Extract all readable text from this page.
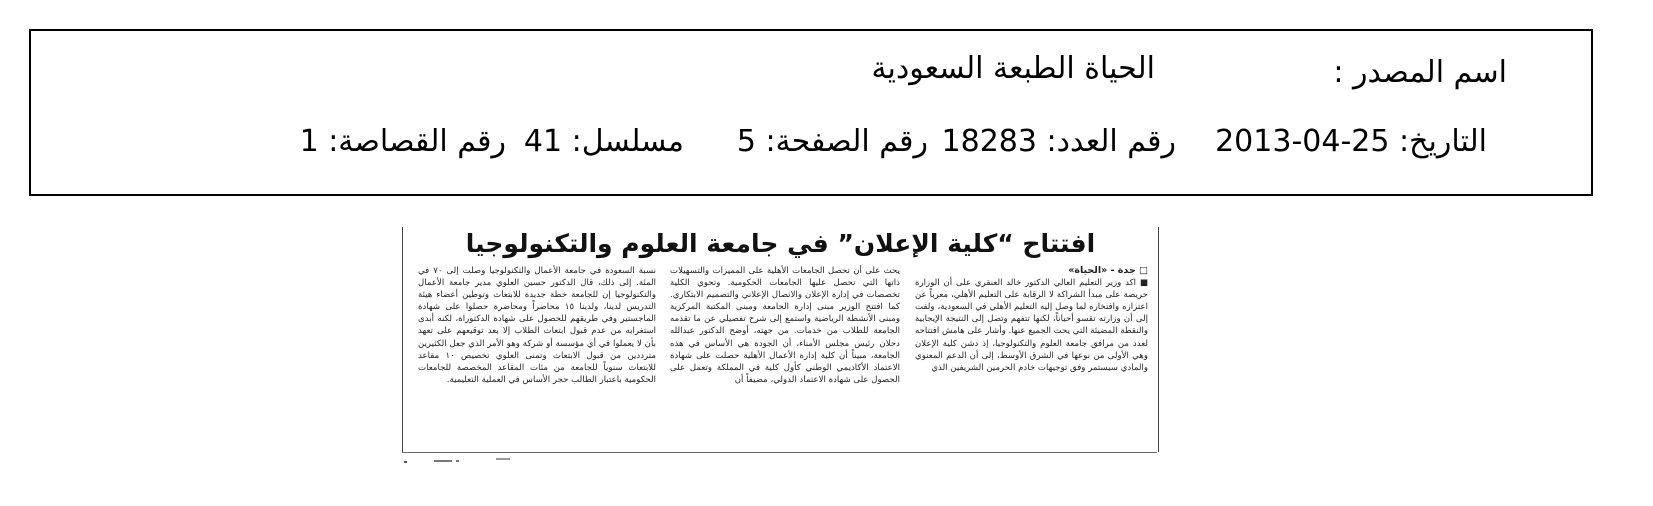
اسم المصدر :
الحياة الطبعة السعودية
التاريخ: 25-04-2013
رقم العدد: 18283
رقم الصفحة: 5
مسلسل: 41
رقم القصاصة: 1
افتتاح “كلية الإعلان” في جامعة العلوم والتكنولوجيا

□ جدة - «الحياة»

■ اكد وزير التعليم العالي الدكتور خالد العنقري على أن الوزارة حريصة على مبدأ الشراكة لا الرقابة على التعليم الأهلي، معرباً عن اعتزازه وافتخاره لما وصل إليه التعليم الأهلي في السعودية، ولفت إلى أن وزارته تقسو أحياناً، لكنها تتفهم وتصل إلى النتيجة الإيجابية والنقطة المضيئة التي يحث الجميع عنها. وأشار على هامش افتتاحه لعدد من مرافق جامعة العلوم والتكنولوجيا، إذ دشن كلية الإعلان وهي الأولى من نوعها في الشرق الأوسط، إلى أن الدعم المعنوي والمادي سيستمر وفق توجيهات خادم الحرمين الشريفين الذي

يحث على أن تحصل الجامعات الأهلية على المميزات والتسهيلات ذاتها التي تحصل عليها الجامعات الحكومية. وتحوي الكلية تخصصات في إدارة الإعلان والاتصال الإعلاني والتصميم الابتكاري. كما افتتح الوزير مبنى إدارة الجامعة ومبنى المكتبة المركزية ومبنى الأنشطة الرياضية واستمع إلى شرح تفصيلي عن ما تقدمه الجامعة للطلاب من خدمات. من جهته، أوضح الدكتور عبدالله دحلان رئيس مجلس الأمناء، أن الجودة هي الأساس في هذه الجامعة، مبيناً أن كلية إدارة الأعمال الأهلية حصلت على شهادة الاعتماد الأكاديمي الوطني كأول كلية في المملكة وتعمل على الحصول على شهادة الاعتماد الدولي، مضيفاً أن

نسبة السعودة في جامعة الأعمال والتكنولوجيا وصلت إلى ٧٠ في المئة. إلى ذلك، قال الدكتور حسين العلوي مدير جامعة الأعمال والتكنولوجيا إن للجامعة خطة جديدة للابتعاث وتوطين أعضاء هيئة التدريس لدينا، ولدينا ١٥ محاضراً ومحاضرة حصلوا على شهادة الماجستير وفي طريقهم للحصول على شهادة الدكتوراة، لكنه أبدى استغرابه من عدم قبول ابتعاث الطلاب إلا بعد توقيعهم على تعهد بأن لا يعملوا في أي مؤسسة أو شركة وهو الأمر الذي جعل الكثيرين مترددين من قبول الابتعاث وتمنى العلوي تخصيص ١٠ مقاعد للابتعاث سنوياً للجامعة من مئات المقاعد المخصصة للجامعات الحكومية باعتبار الطالب حجر الأساس في العملية التعليمية.
